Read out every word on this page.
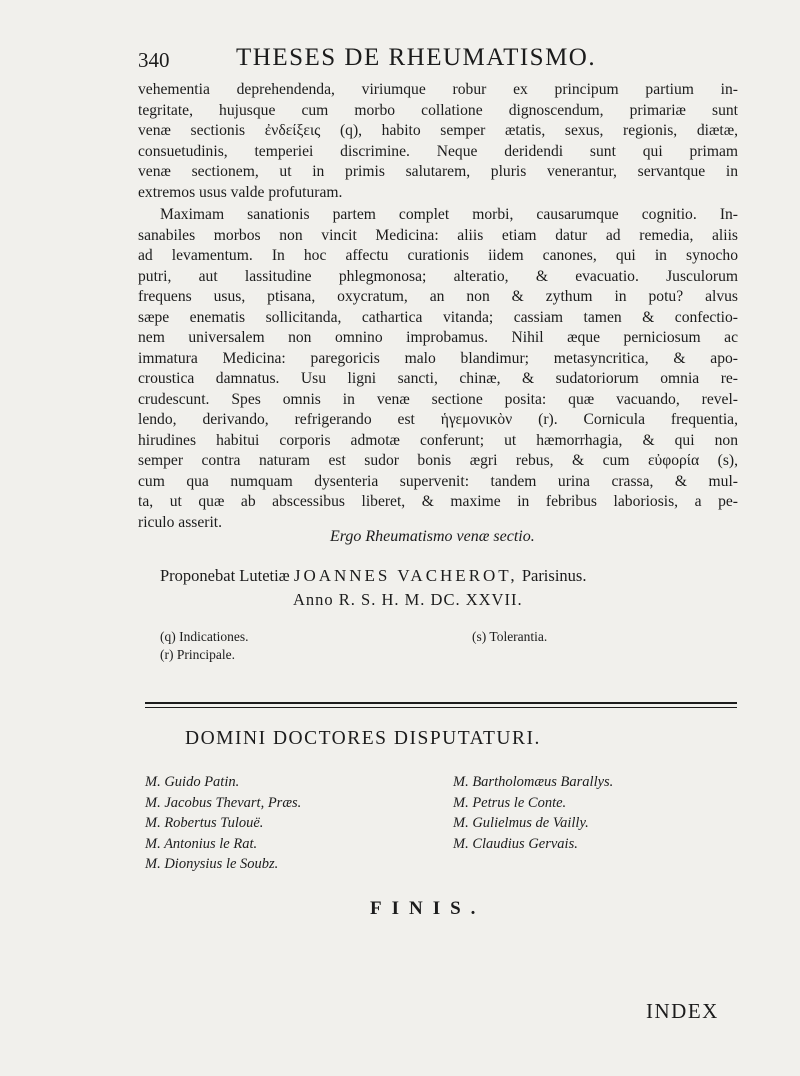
340	THESES DE RHEUMATISMO.
vehementia deprehendenda, viriumque robur ex principum partium in-
tegritate, hujusque cum morbo collatione dignoscendum, primariæ sunt
venæ sectionis ἐνδείξεις (q), habito semper ætatis, sexus, regionis, diætæ,
consuetudinis, temperiei discrimine. Neque deridendi sunt qui primam
venæ sectionem, ut in primis salutarem, pluris venerantur, servantque in
extremos usus valde profuturam.
Maximam sanationis partem complet morbi, causarumque cognitio. In-
sanabiles morbos non vincit Medicina: aliis etiam datur ad remedia, aliis
ad levamentum. In hoc affectu curationis iidem canones, qui in synocho
putri, aut lassitudine phlegmonosa; alteratio, & evacuatio. Jusculorum
frequens usus, ptisana, oxycratum, an non & zythum in potu? alvus
sæpe enematis sollicitanda, cathartica vitanda; cassiam tamen & confectio-
nem universalem non omnino improbamus. Nihil æque perniciosum ac
immatura Medicina: paregoricis malo blandimur; metasyncritica, & apo-
croustica damnatus. Usu ligni sancti, chinæ, & sudatoriorum omnia re-
crudescunt. Spes omnis in venæ sectione posita: quæ vacuando, revel-
lendo, derivando, refrigerando est ἡγεμονικὸν (r). Cornicula frequentia,
hirudines habitui corporis admotæ conferunt; ut hæmorrhagia, & qui non
semper contra naturam est sudor bonis ægri rebus, & cum εὐφορία (s),
cum qua numquam dysenteria supervenit: tandem urina crassa, & mul-
ta, ut quæ ab abscessibus liberet, & maxime in febribus laboriosis, a pe-
riculo asserit.
Ergo Rheumatismo venæ sectio.
Proponebat Lutetiæ JOANNES VACHEROT, Parisinus.
Anno R. S. H. M. DC. XXVII.
(q) Indicationes.
(r) Principale.
(s) Tolerantia.
DOMINI DOCTORES DISPUTATURI.
M. Guido Patin.
M. Jacobus Thevart, Præs.
M. Robertus Tulouë.
M. Antonius le Rat.
M. Dionysius le Soubz.
M. Bartholomæus Barallys.
M. Petrus le Conte.
M. Gulielmus de Vailly.
M. Claudius Gervais.
FINIS.
INDEX
